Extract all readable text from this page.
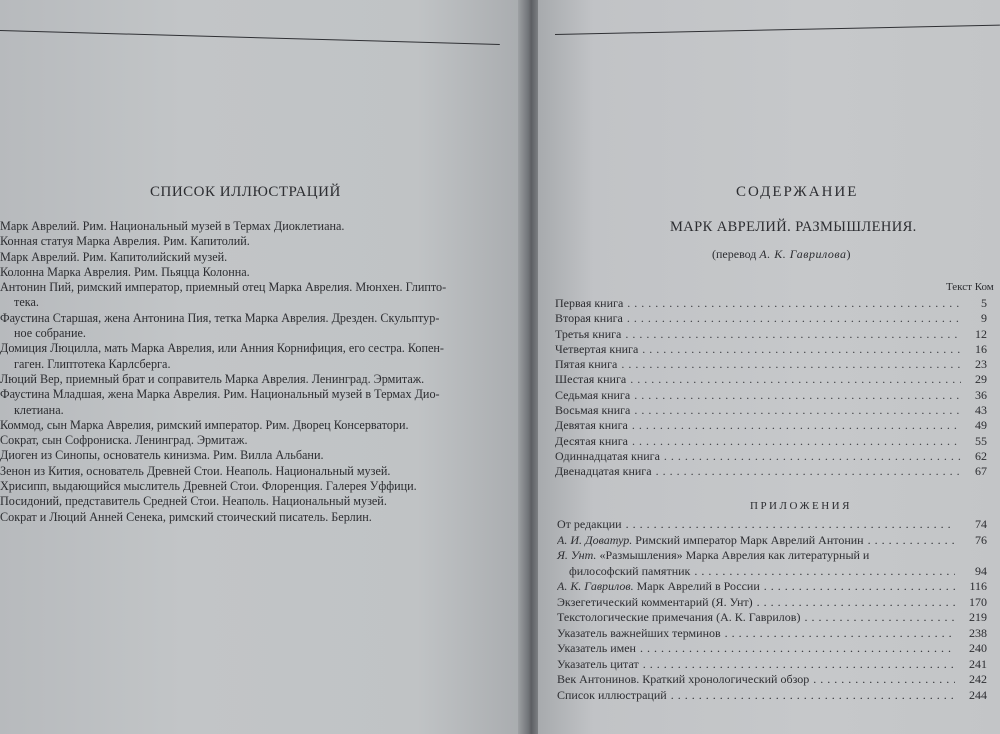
СПИСОК ИЛЛЮСТРАЦИЙ
Марк Аврелий. Рим. Национальный музей в Термах Диоклетиана.
Конная статуя Марка Аврелия. Рим. Капитолий.
Марк Аврелий. Рим. Капитолийский музей.
Колонна Марка Аврелия. Рим. Пьяцца Колонна.
Антонин Пий, римский император, приемный отец Марка Аврелия. Мюнхен. Глипто-
тека.
Фаустина Старшая, жена Антонина Пия, тетка Марка Аврелия. Дрезден. Скульптур-
ное собрание.
Домиция Люцилла, мать Марка Аврелия, или Анния Корнифиция, его сестра. Копен-
гаген. Глиптотека Карлсберга.
Люций Вер, приемный брат и соправитель Марка Аврелия. Ленинград. Эрмитаж.
Фаустина Младшая, жена Марка Аврелия. Рим. Национальный музей в Термах Дио-
клетиана.
Коммод, сын Марка Аврелия, римский император. Рим. Дворец Консерватори.
Сократ, сын Софрониска. Ленинград. Эрмитаж.
Диоген из Синопы, основатель кинизма. Рим. Вилла Альбани.
Зенон из Кития, основатель Древней Стои. Неаполь. Национальный музей.
Хрисипп, выдающийся мыслитель Древней Стои. Флоренция. Галерея Уффици.
Посидоний, представитель Средней Стои. Неаполь. Национальный музей.
Сократ и Люций Анней Сенека, римский стоический писатель. Берлин.
СОДЕРЖАНИЕ
МАРК АВРЕЛИЙ. РАЗМЫШЛЕНИЯ.
(перевод А. К. Гаврилова)
Текст Ком
Первая книга .....	5
Вторая книга .....	9
Третья книга .....	12
Четвертая книга .....	16
Пятая книга .....	23
Шестая книга .....	29
Седьмая книга .....	36
Восьмая книга .....	43
Девятая книга .....	49
Десятая книга .....	55
Одиннадцатая книга .....	62
Двенадцатая книга .....	67
ПРИЛОЖЕНИЯ
От редакции .....	74
А. И. Доватур. Римский император Марк Аврелий Антонин .....	76
Я. Унт. «Размышления» Марка Аврелия как литературный и
философский памятник .....	94
А. К. Гаврилов. Марк Аврелий в России .....	116
Экзегетический комментарий (Я. Унт) .....	170
Текстологические примечания (А. К. Гаврилов) .....	219
Указатель важнейших терминов .....	238
Указатель имен .....	240
Указатель цитат .....	241
Век Антонинов. Краткий хронологический обзор .....	242
Список иллюстраций .....	244
